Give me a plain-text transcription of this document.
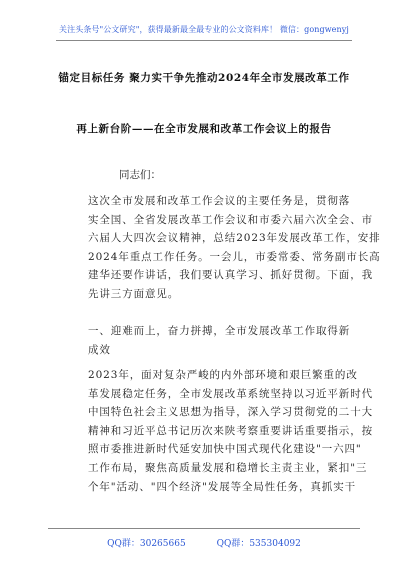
关注头条号"公文研究"，获得最新最全最专业的公文资料库！ 微信：gongwenyj
锚定目标任务 聚力实干争先推动2024年全市发展改革工作
再上新台阶——在全市发展和改革工作会议上的报告
同志们：

这次全市发展和改革工作会议的主要任务是，贯彻落

实全国、全省发展改革工作会议和市委六届六次全会、市

六届人大四次会议精神，总结2023年发展改革工作，安排

2024年重点工作任务。一会儿，市委常委、常务副市长高

建华还要作讲话，我们要认真学习、抓好贯彻。下面，我

先讲三方面意见。

一、迎难而上，奋力拼搏，全市发展改革工作取得新

成效

2023年，面对复杂严峻的内外部环境和艰巨繁重的改

革发展稳定任务，全市发展改革系统坚持以习近平新时代

中国特色社会主义思想为指导，深入学习贯彻党的二十大

精神和习近平总书记历次来陕考察重要讲话重要指示，按

照市委推进新时代延安加快中国式现代化建设"一六四"

工作布局，聚焦高质量发展和稳增长主责主业，紧扣"三

个年"活动、"四个经济"发展等全局性任务，真抓实干

QQ群：30265665	QQ群：535304092
